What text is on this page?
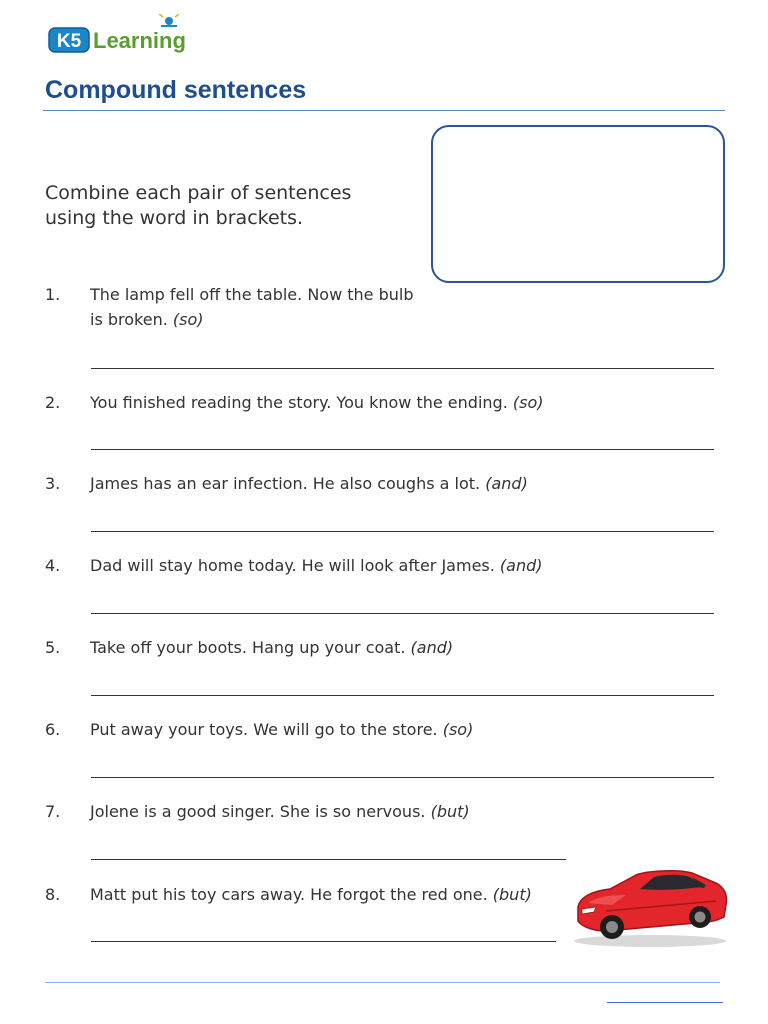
K5 Learning
Compound sentences

Combine each pair of sentences using the word in brackets.

1. The lamp fell off the table. Now the bulb is broken. (so)
2. You finished reading the story. You know the ending. (so)
3. James has an ear infection. He also coughs a lot. (and)
4. Dad will stay home today. He will look after James. (and)
5. Take off your boots. Hang up your coat. (and)
6. Put away your toys. We will go to the store. (so)
7. Jolene is a good singer. She is so nervous. (but)
8. Matt put his toy cars away. He forgot the red one. (but)
